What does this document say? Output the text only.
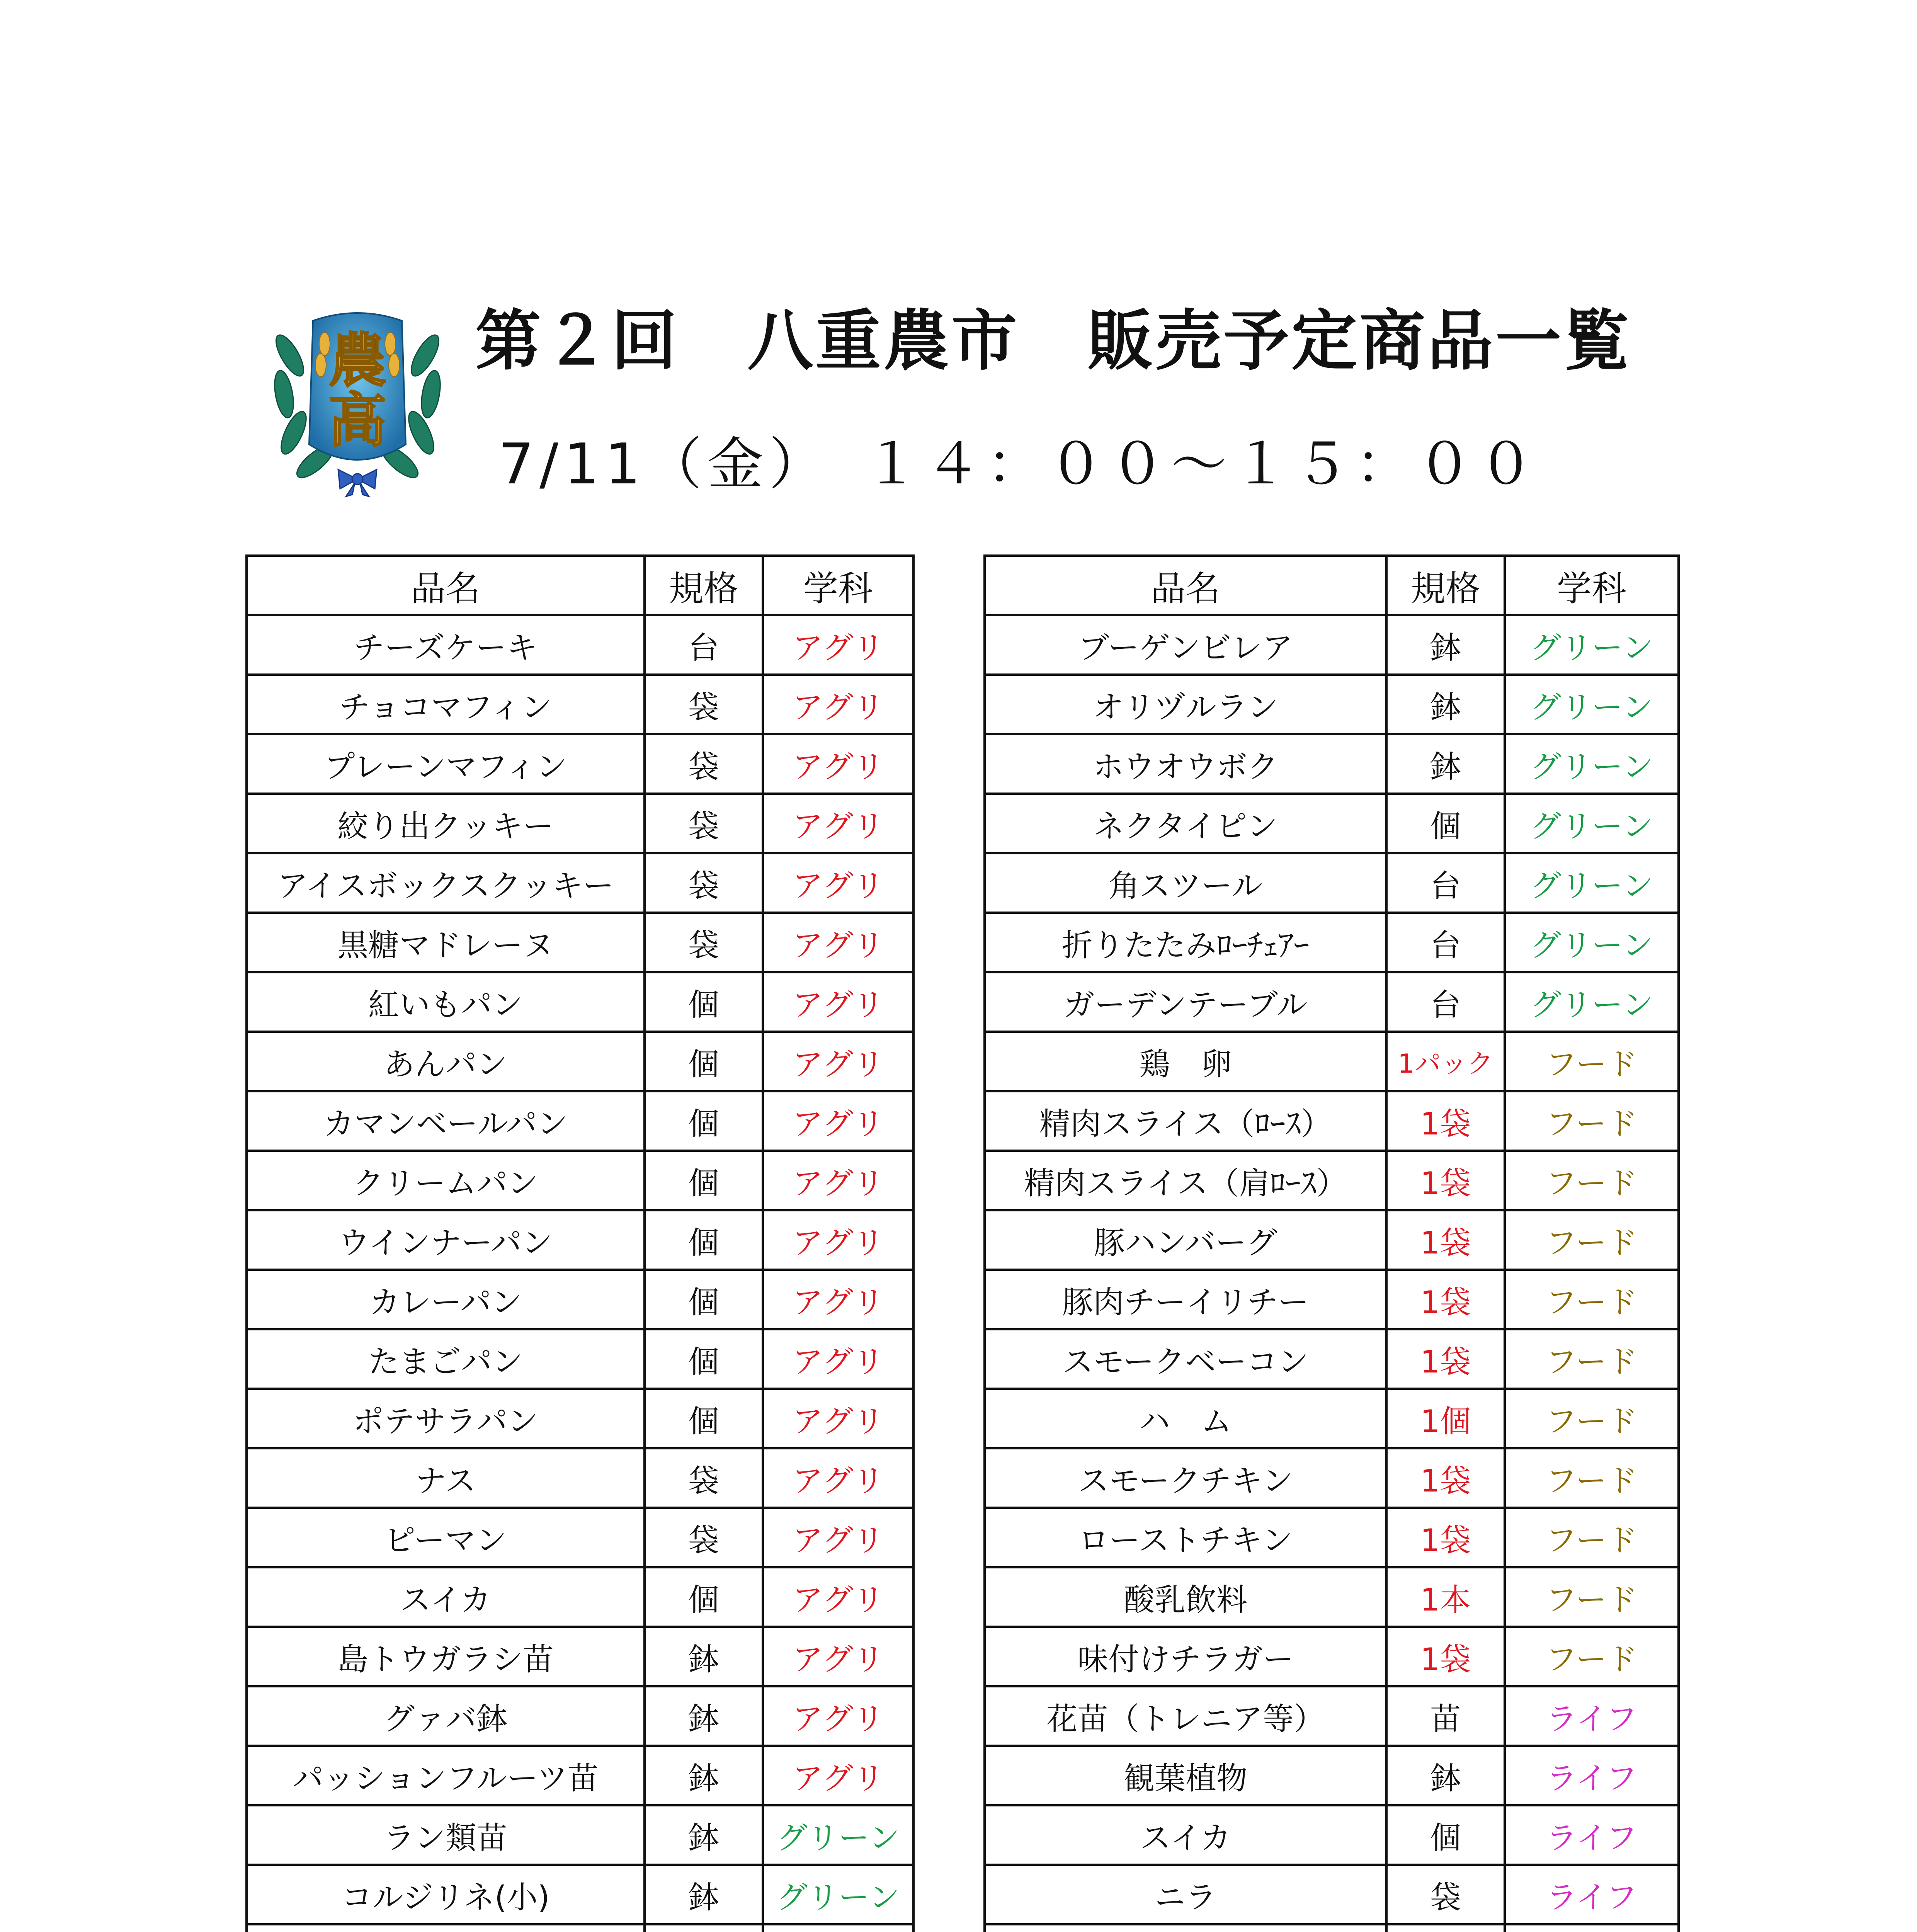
農
高
第２回　八重農市　販売予定商品一覧
7/11（金）　１４：００～１５：００
品名	規格	学科
チーズケーキ	台	アグリ
チョコマフィン	袋	アグリ
プレーンマフィン	袋	アグリ
絞り出クッキー	袋	アグリ
アイスボックスクッキー	袋	アグリ
黒糖マドレーヌ	袋	アグリ
紅いもパン	個	アグリ
あんパン	個	アグリ
カマンベールパン	個	アグリ
クリームパン	個	アグリ
ウインナーパン	個	アグリ
カレーパン	個	アグリ
たまごパン	個	アグリ
ポテサラパン	個	アグリ
ナス	袋	アグリ
ピーマン	袋	アグリ
スイカ	個	アグリ
島トウガラシ苗	鉢	アグリ
グァバ鉢	鉢	アグリ
パッションフルーツ苗	鉢	アグリ
ラン類苗	鉢	グリーン
コルジリネ(小)	鉢	グリーン

品名	規格	学科
ブーゲンビレア	鉢	グリーン
オリヅルラン	鉢	グリーン
ホウオウボク	鉢	グリーン
ネクタイピン	個	グリーン
角スツール	台	グリーン
折りたたみﾛｰﾁｪｱｰ	台	グリーン
ガーデンテーブル	台	グリーン
鶏　卵	1パック	フード
精肉スライス（ﾛｰｽ）	1袋	フード
精肉スライス（肩ﾛｰｽ）	1袋	フード
豚ハンバーグ	1袋	フード
豚肉チーイリチー	1袋	フード
スモークベーコン	1袋	フード
ハ　ム	1個	フード
スモークチキン	1袋	フード
ローストチキン	1袋	フード
酸乳飲料	1本	フード
味付けチラガー	1袋	フード
花苗（トレニア等）	苗	ライフ
観葉植物	鉢	ライフ
スイカ	個	ライフ
ニラ	袋	ライフ
